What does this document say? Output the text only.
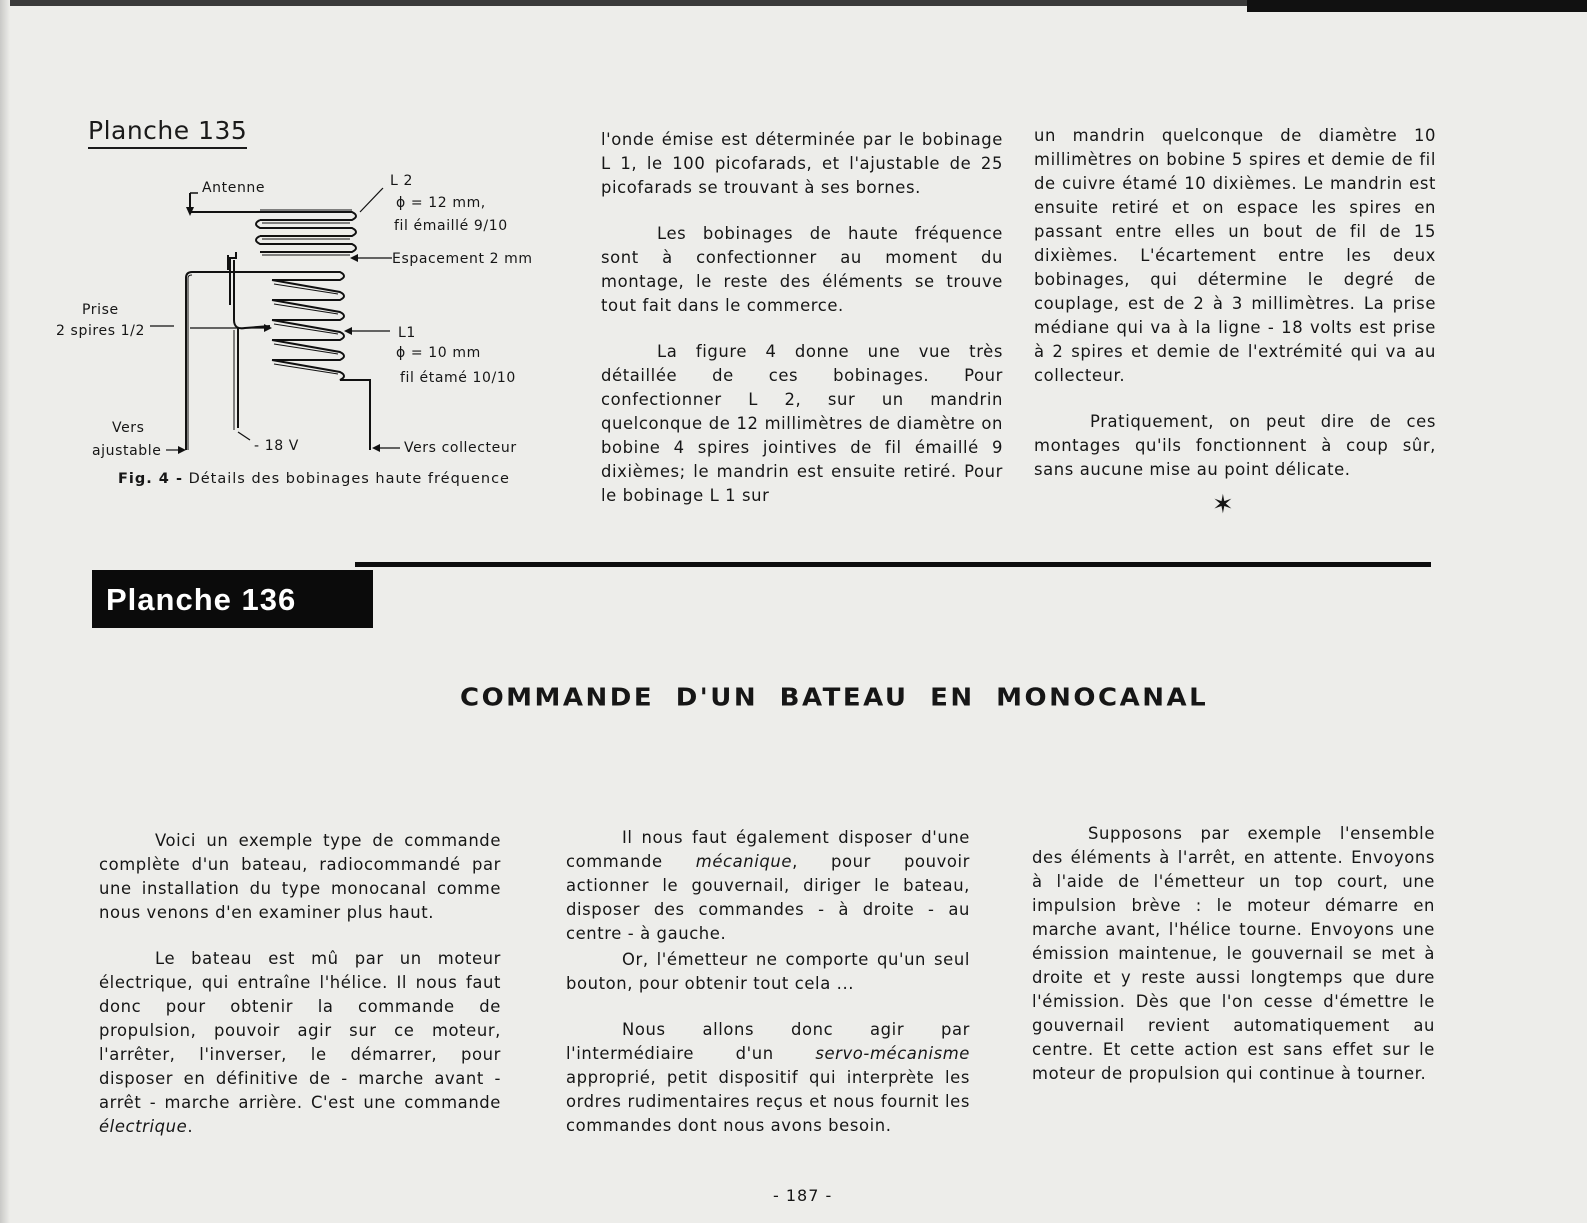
Planche 135
Antenne	L 2
ϕ = 12 mm,
fil émaillé 9/10
Espacement 2 mm
Prise
2 spires 1/2	L1
ϕ = 10 mm
fil étamé 10/10
Vers
ajustable	- 18 V	Vers collecteur
Fig. 4 - Détails des bobinages haute fréquence

l'onde émise est déterminée par le bobinage L 1, le 100 picofarads, et l'ajustable de 25 picofarads se trouvant à ses bornes.

Les bobinages de haute fréquence sont à confectionner au moment du montage, le reste des éléments se trouve tout fait dans le commerce.

La figure 4 donne une vue très détaillée de ces bobinages. Pour confectionner L 2, sur un mandrin quelconque de 12 millimètres de diamètre on bobine 4 spires jointives de fil émaillé 9 dixièmes; le mandrin est ensuite retiré. Pour le bobinage L 1 sur

un mandrin quelconque de diamètre 10 millimètres on bobine 5 spires et demie de fil de cuivre étamé 10 dixièmes. Le mandrin est ensuite retiré et on espace les spires en passant entre elles un bout de fil de 15 dixièmes. L'écartement entre les deux bobinages, qui détermine le degré de couplage, est de 2 à 3 millimètres. La prise médiane qui va à la ligne - 18 volts est prise à 2 spires et demie de l'extrémité qui va au collecteur.

Pratiquement, on peut dire de ces montages qu'ils fonctionnent à coup sûr, sans aucune mise au point délicate.

✶
Planche 136
COMMANDE D'UN BATEAU EN MONOCANAL

Voici un exemple type de commande complète d'un bateau, radiocommandé par une installation du type monocanal comme nous venons d'en examiner plus haut.

Le bateau est mû par un moteur électrique, qui entraîne l'hélice. Il nous faut donc pour obtenir la commande de propulsion, pouvoir agir sur ce moteur, l'arrêter, l'inverser, le démarrer, pour disposer en définitive de - marche avant - arrêt - marche arrière. C'est une commande électrique.

Il nous faut également disposer d'une commande mécanique, pour pouvoir actionner le gouvernail, diriger le bateau, disposer des commandes - à droite - au centre - à gauche.

Or, l'émetteur ne comporte qu'un seul bouton, pour obtenir tout cela ...

Nous allons donc agir par l'intermédiaire d'un	servo-mécanisme approprié, petit dispositif qui interprète les ordres rudimentaires reçus et nous fournit les commandes dont nous avons besoin.

Supposons par exemple l'ensemble des éléments à l'arrêt, en attente. Envoyons à l'aide de l'émetteur un top court, une impulsion brève : le moteur démarre en marche avant, l'hélice tourne. Envoyons une émission maintenue, le gouvernail se met à droite et y reste aussi longtemps que dure l'émission. Dès que l'on cesse d'émettre le gouvernail revient automatiquement au centre. Et cette action est sans effet sur le moteur de propulsion qui continue à tourner.

- 187 -
